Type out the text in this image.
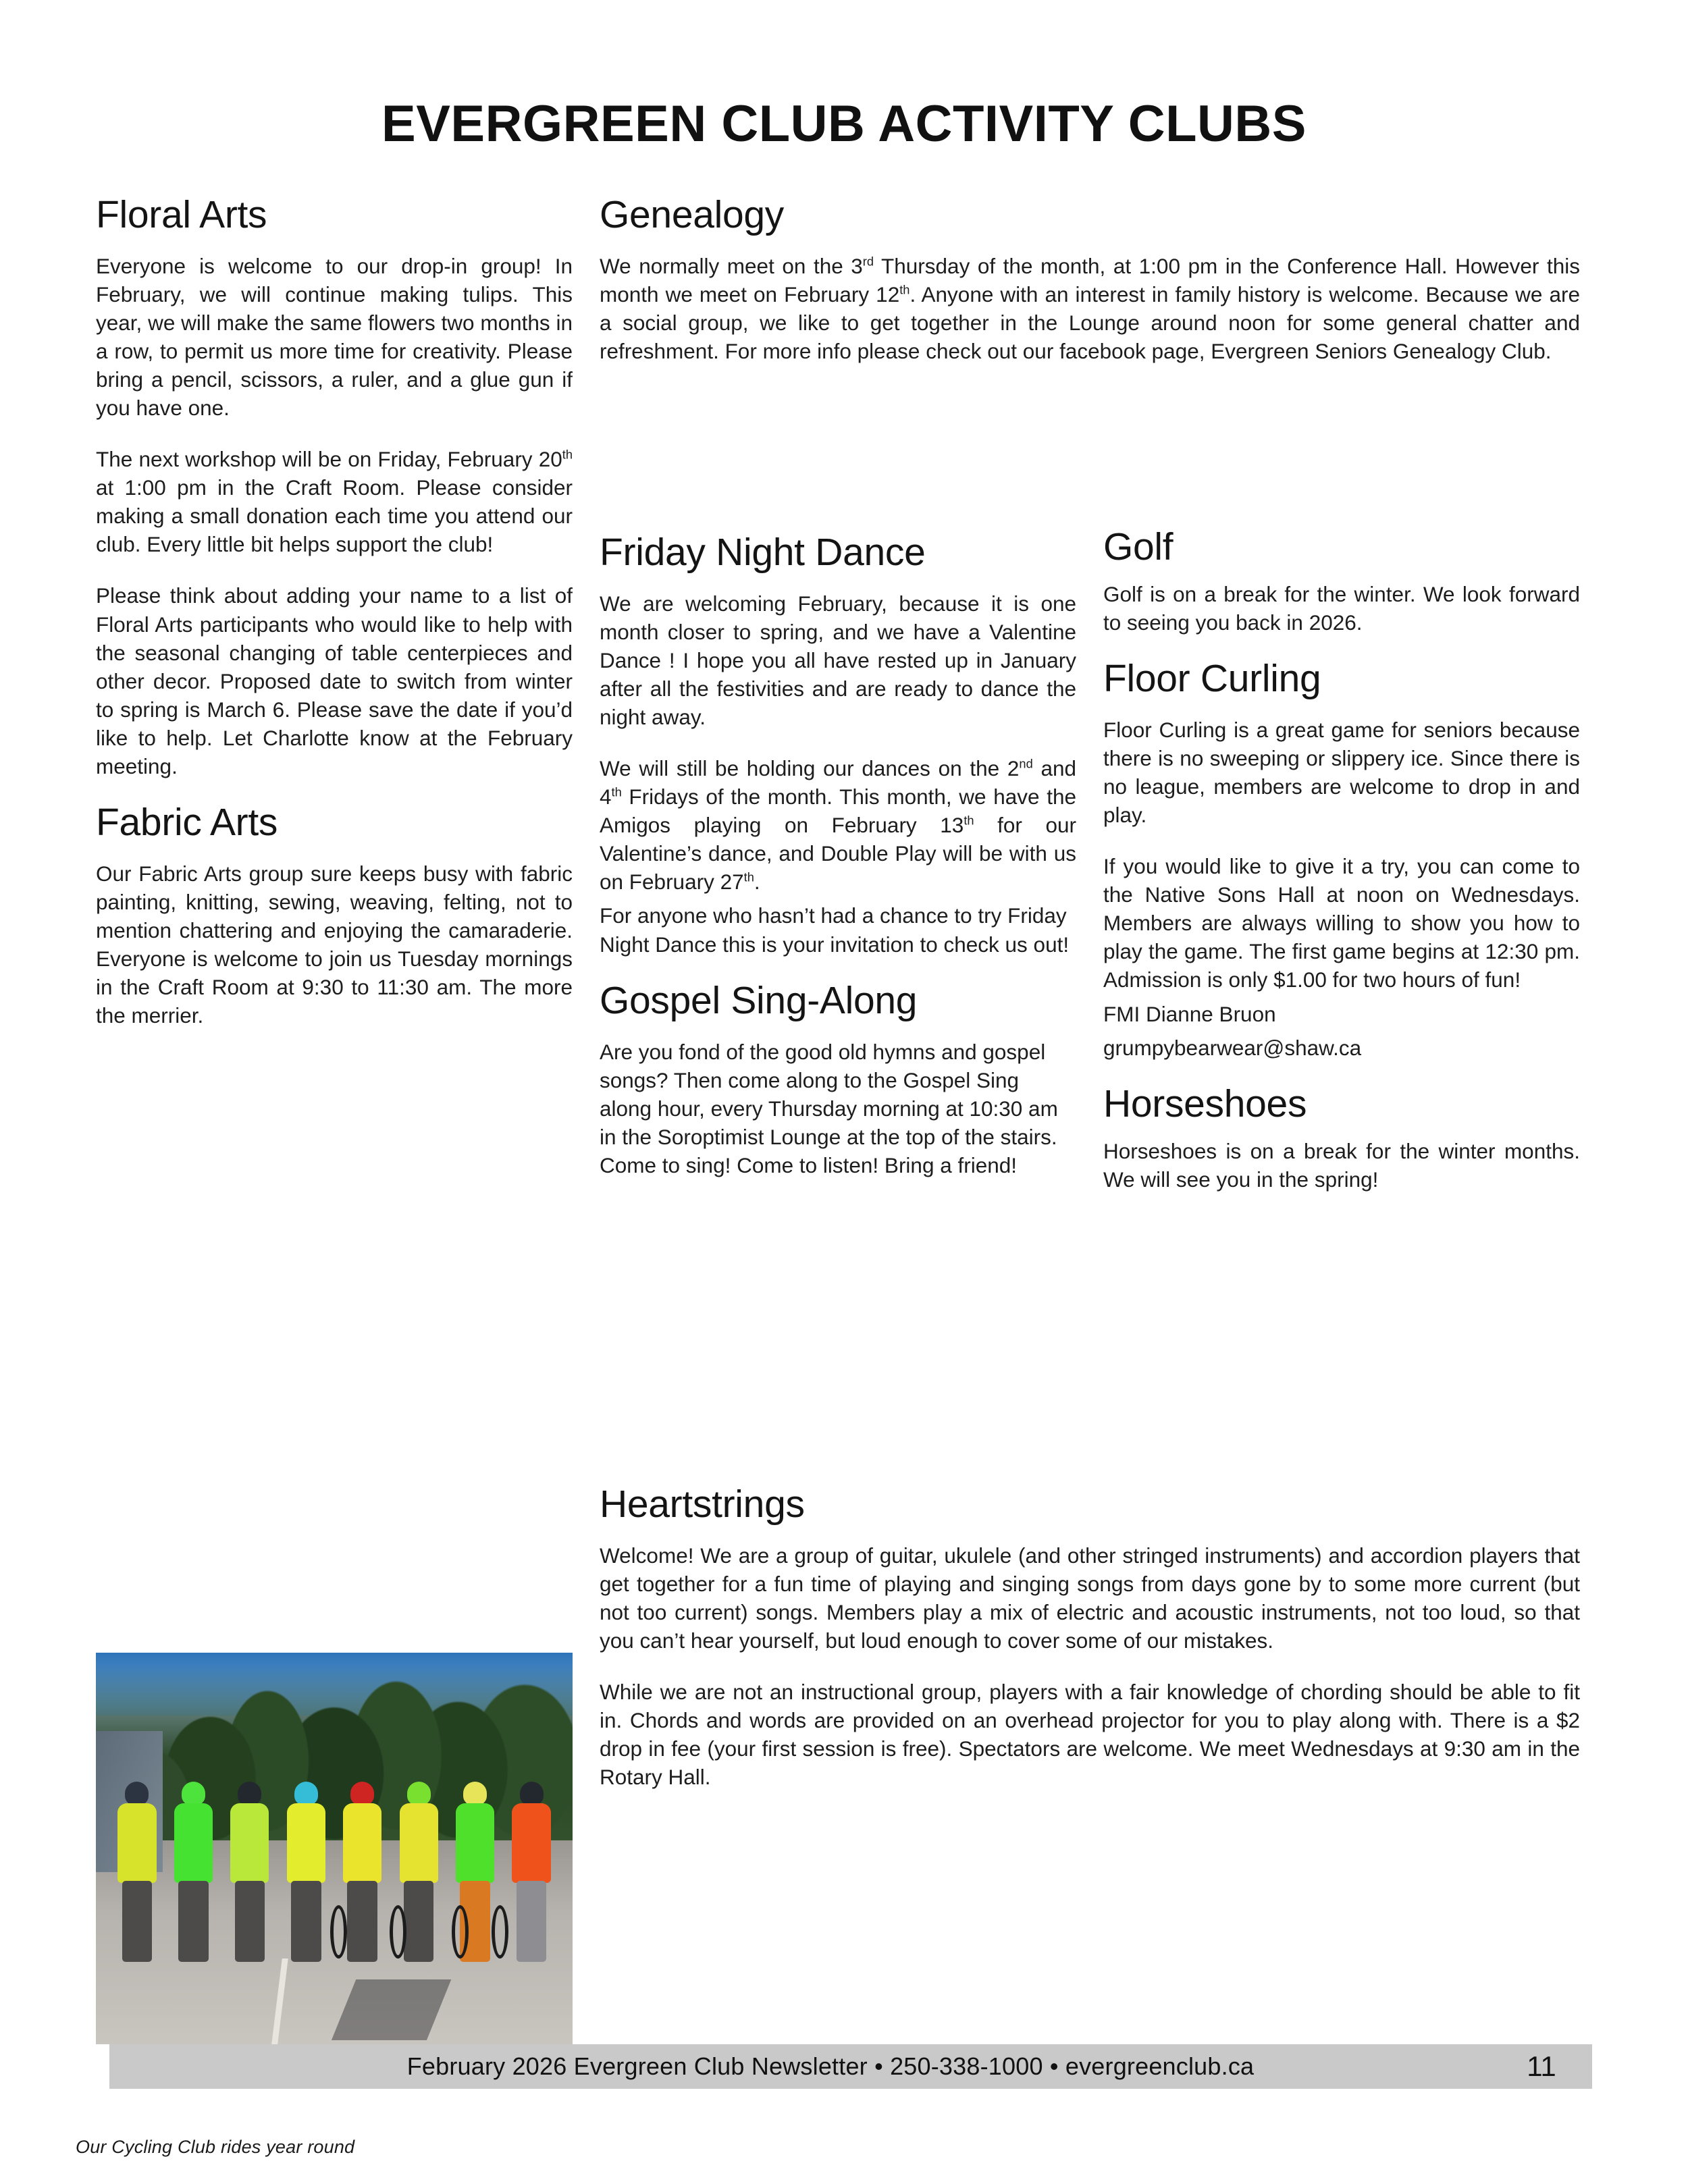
EVERGREEN CLUB ACTIVITY CLUBS
Floral Arts

Everyone is welcome to our drop-in group! In February, we will continue making tulips. This year, we will make the same flowers two months in a row, to permit us more time for creativity. Please bring a pencil, scissors, a ruler, and a glue gun if you have one.

The next workshop will be on Friday, February 20th at 1:00 pm in the Craft Room. Please consider making a small donation each time you attend our club. Every little bit helps support the club!

Please think about adding your name to a list of Floral Arts participants who would like to help with the seasonal changing of table centerpieces and other decor. Proposed date to switch from winter to spring is March 6. Please save the date if you’d like to help. Let Charlotte know at the February meeting.

Fabric Arts

Our Fabric Arts group sure keeps busy with fabric painting, knitting, sewing, weaving, felting, not to mention chattering and enjoying the camaraderie. Everyone is welcome to join us Tuesday mornings in the Craft Room at 9:30 to 11:30 am. The more the merrier.

Genealogy

We normally meet on the 3rd Thursday of the month, at 1:00 pm in the Conference Hall. However this month we meet on February 12th. Anyone with an interest in family history is welcome. Because we are a social group, we like to get together in the Lounge around noon for some general chatter and refreshment. For more info please check out our facebook page, Evergreen Seniors Genealogy Club.

Friday Night Dance

We are welcoming February, because it is one month closer to spring, and we have a Valentine Dance ! I hope you all have rested up in January after all the festivities and are ready to dance the night away.

We will still be holding our dances on the 2nd and 4th Fridays of the month. This month, we have the Amigos playing on February 13th for our Valentine’s dance, and Double Play will be with us on February 27th.

For anyone who hasn’t had a chance to try Friday Night Dance this is your invitation to check us out!

Gospel Sing-Along

Are you fond of the good old hymns and gospel songs? Then come along to the Gospel Sing along hour, every Thursday morning at 10:30 am in the Soroptimist Lounge at the top of the stairs. Come to sing! Come to listen! Bring a friend!

Golf

Golf is on a break for the winter. We look forward to seeing you back in 2026.

Floor Curling

Floor Curling is a great game for seniors because there is no sweeping or slippery ice. Since there is no league, members are welcome to drop in and play.

If you would like to give it a try, you can come to the Native Sons Hall at noon on Wednesdays. Members are always willing to show you how to play the game. The first game begins at 12:30 pm. Admission is only $1.00 for two hours of fun!

FMI Dianne Bruon

grumpybearwear@shaw.ca

Horseshoes

Horseshoes is on a break for the winter months. We will see you in the spring!

Heartstrings

Welcome! We are a group of guitar, ukulele (and other stringed instruments) and accordion players that get together for a fun time of playing and singing songs from days gone by to some more current (but not too current) songs. Members play a mix of electric and acoustic instruments, not too loud, so that you can’t hear yourself, but loud enough to cover some of our mistakes.

While we are not an instructional group, players with a fair knowledge of chording should be able to fit in. Chords and words are provided on an overhead projector for you to play along with. There is a $2 drop in fee (your first session is free). Spectators are welcome. We meet Wednesdays at 9:30 am in the Rotary Hall.

February 2026 Evergreen Club Newsletter • 250-338-1000 • evergreenclub.ca	11
Our Cycling Club rides year round
